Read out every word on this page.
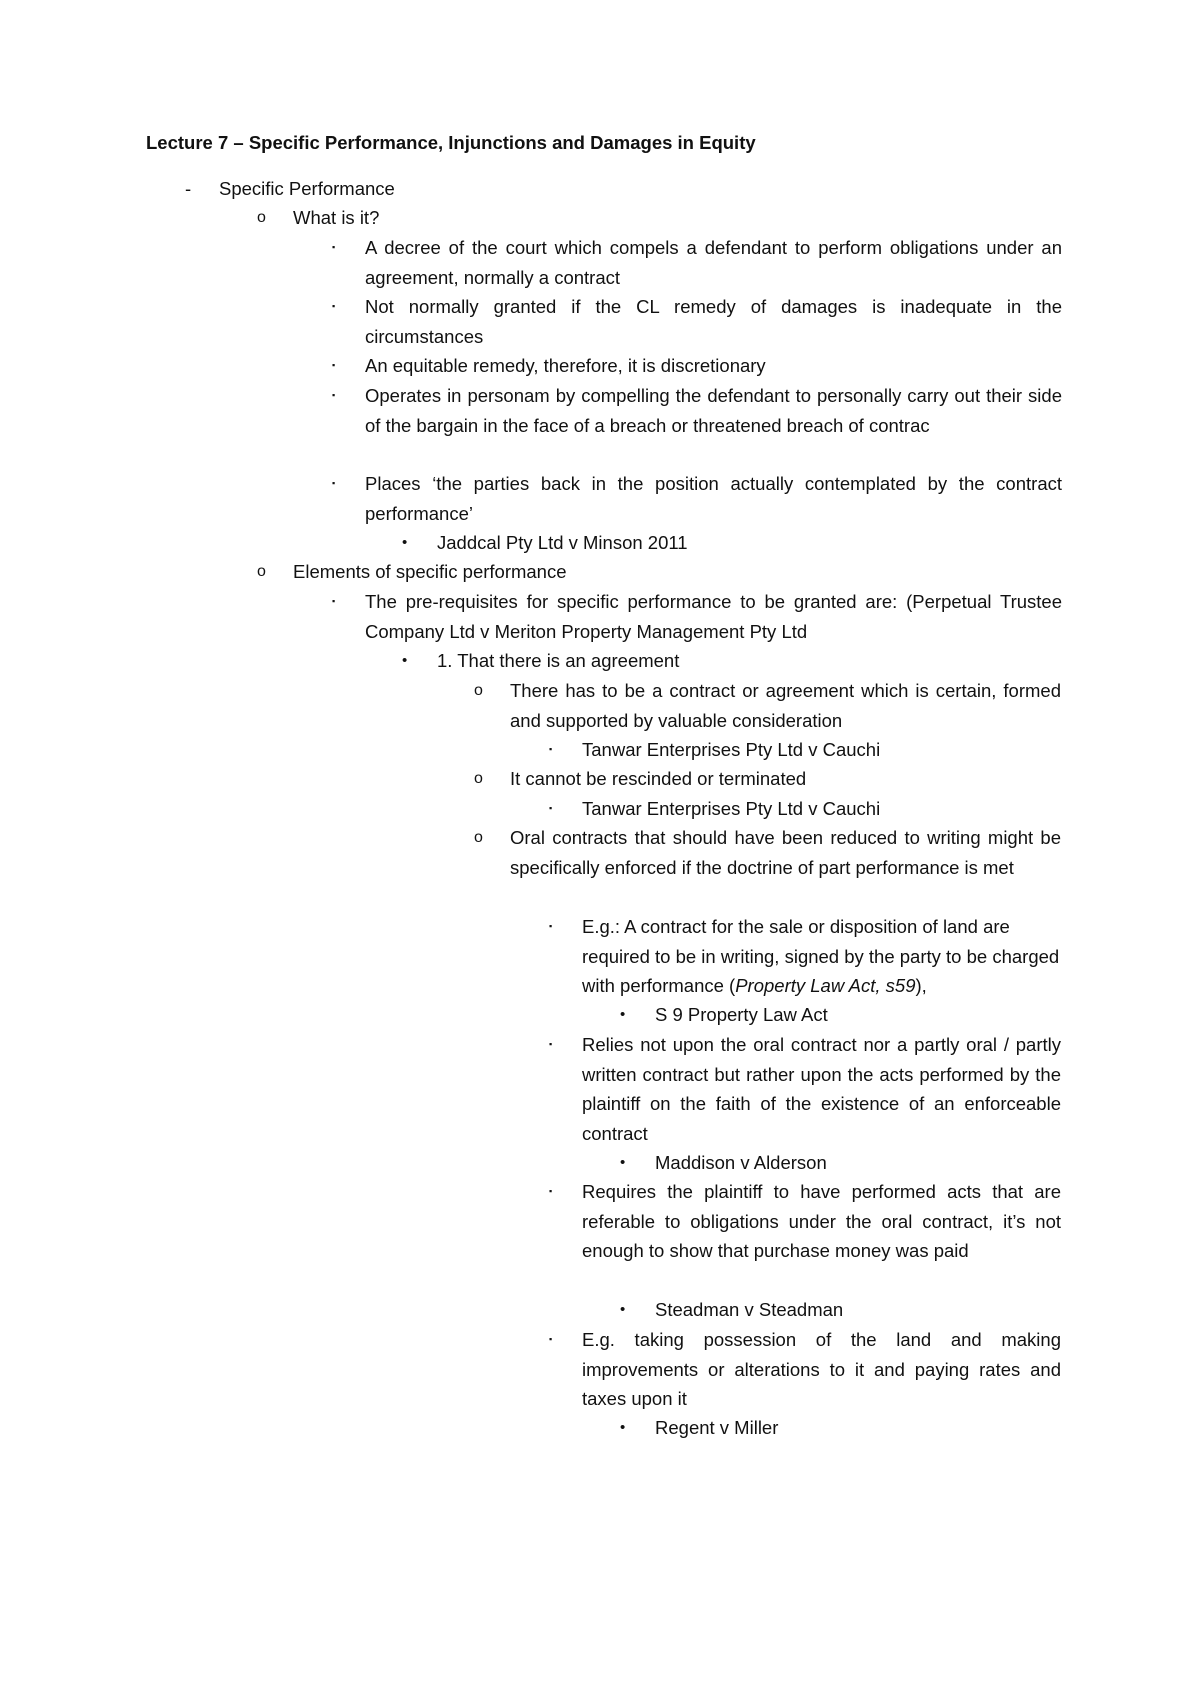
Lecture 7 – Specific Performance, Injunctions and Damages in Equity
- Specific Performance
o What is it?
▪ A decree of the court which compels a defendant to perform obligations under an agreement, normally a contract
▪ Not normally granted if the CL remedy of damages is inadequate in the circumstances
▪ An equitable remedy, therefore, it is discretionary
▪ Operates in personam by compelling the defendant to personally carry out their side of the bargain in the face of a breach or threatened breach of contrac
▪ Places ‘the parties back in the position actually contemplated by the contract performance’
• Jaddcal Pty Ltd v Minson 2011
o Elements of specific performance
▪ The pre-requisites for specific performance to be granted are: (Perpetual Trustee Company Ltd v Meriton Property Management Pty Ltd
• 1. That there is an agreement
o There has to be a contract or agreement which is certain, formed and supported by valuable consideration
▪ Tanwar Enterprises Pty Ltd v Cauchi
o It cannot be rescinded or terminated
▪ Tanwar Enterprises Pty Ltd v Cauchi
o Oral contracts that should have been reduced to writing might be specifically enforced if the doctrine of part performance is met
▪ E.g.: A contract for the sale or disposition of land are required to be in writing, signed by the party to be charged with performance (Property Law Act, s59),
• S 9 Property Law Act
▪ Relies not upon the oral contract nor a partly oral / partly written contract but rather upon the acts performed by the plaintiff on the faith of the existence of an enforceable contract
• Maddison v Alderson
▪ Requires the plaintiff to have performed acts that are referable to obligations under the oral contract, it’s not enough to show that purchase money was paid
• Steadman v Steadman
▪ E.g. taking possession of the land and making improvements or alterations to it and paying rates and taxes upon it
• Regent v Miller
